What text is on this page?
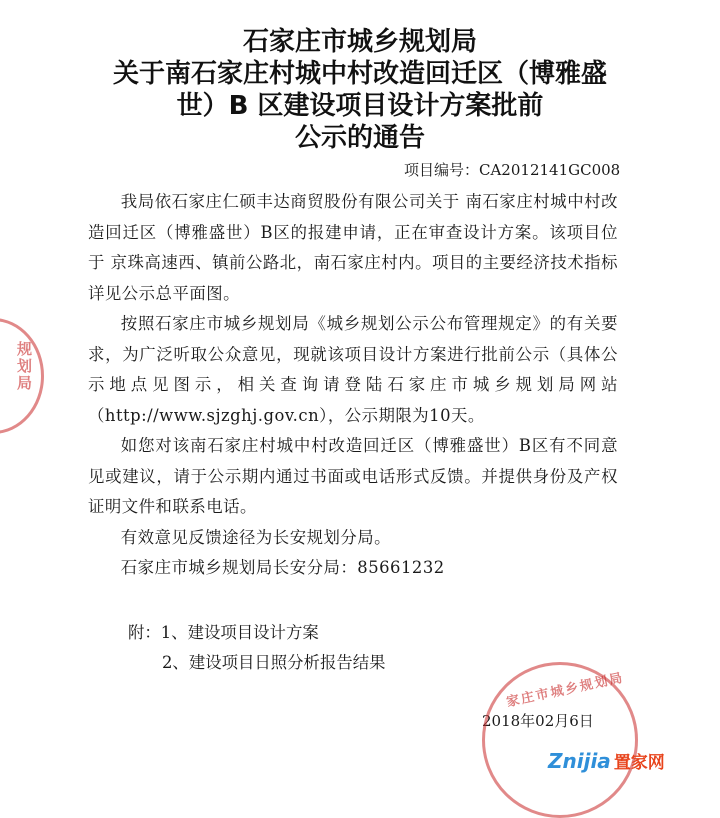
石家庄市城乡规划局
关于南石家庄村城中村改造回迁区（博雅盛
世）B 区建设项目设计方案批前
公示的通告
项目编号：CA2012141GC008

我局依石家庄仁硕丰达商贸股份有限公司关于 南石家庄村城中村改造回迁区（博雅盛世）B区的报建申请，正在审查设计方案。该项目位于 京珠高速西、镇前公路北，南石家庄村内。项目的主要经济技术指标详见公示总平面图。

按照石家庄市城乡规划局《城乡规划公示公布管理规定》的有关要求，为广泛听取公众意见，现就该项目设计方案进行批前公示（具体公示地点见图示，相关查询请登陆石家庄市城乡规划局网站（http://www.sjzghj.gov.cn），公示期限为10天。

如您对该南石家庄村城中村改造回迁区（博雅盛世）B区有不同意见或建议，请于公示期内通过书面或电话形式反馈。并提供身份及产权证明文件和联系电话。

有效意见反馈途径为长安规划分局。

石家庄市城乡规划局长安分局：85661232
附：1、建设项目设计方案
2、建设项目日照分析报告结果
2018年02月6日
规划局
家庄市城乡规划局
Znijia 置家网
